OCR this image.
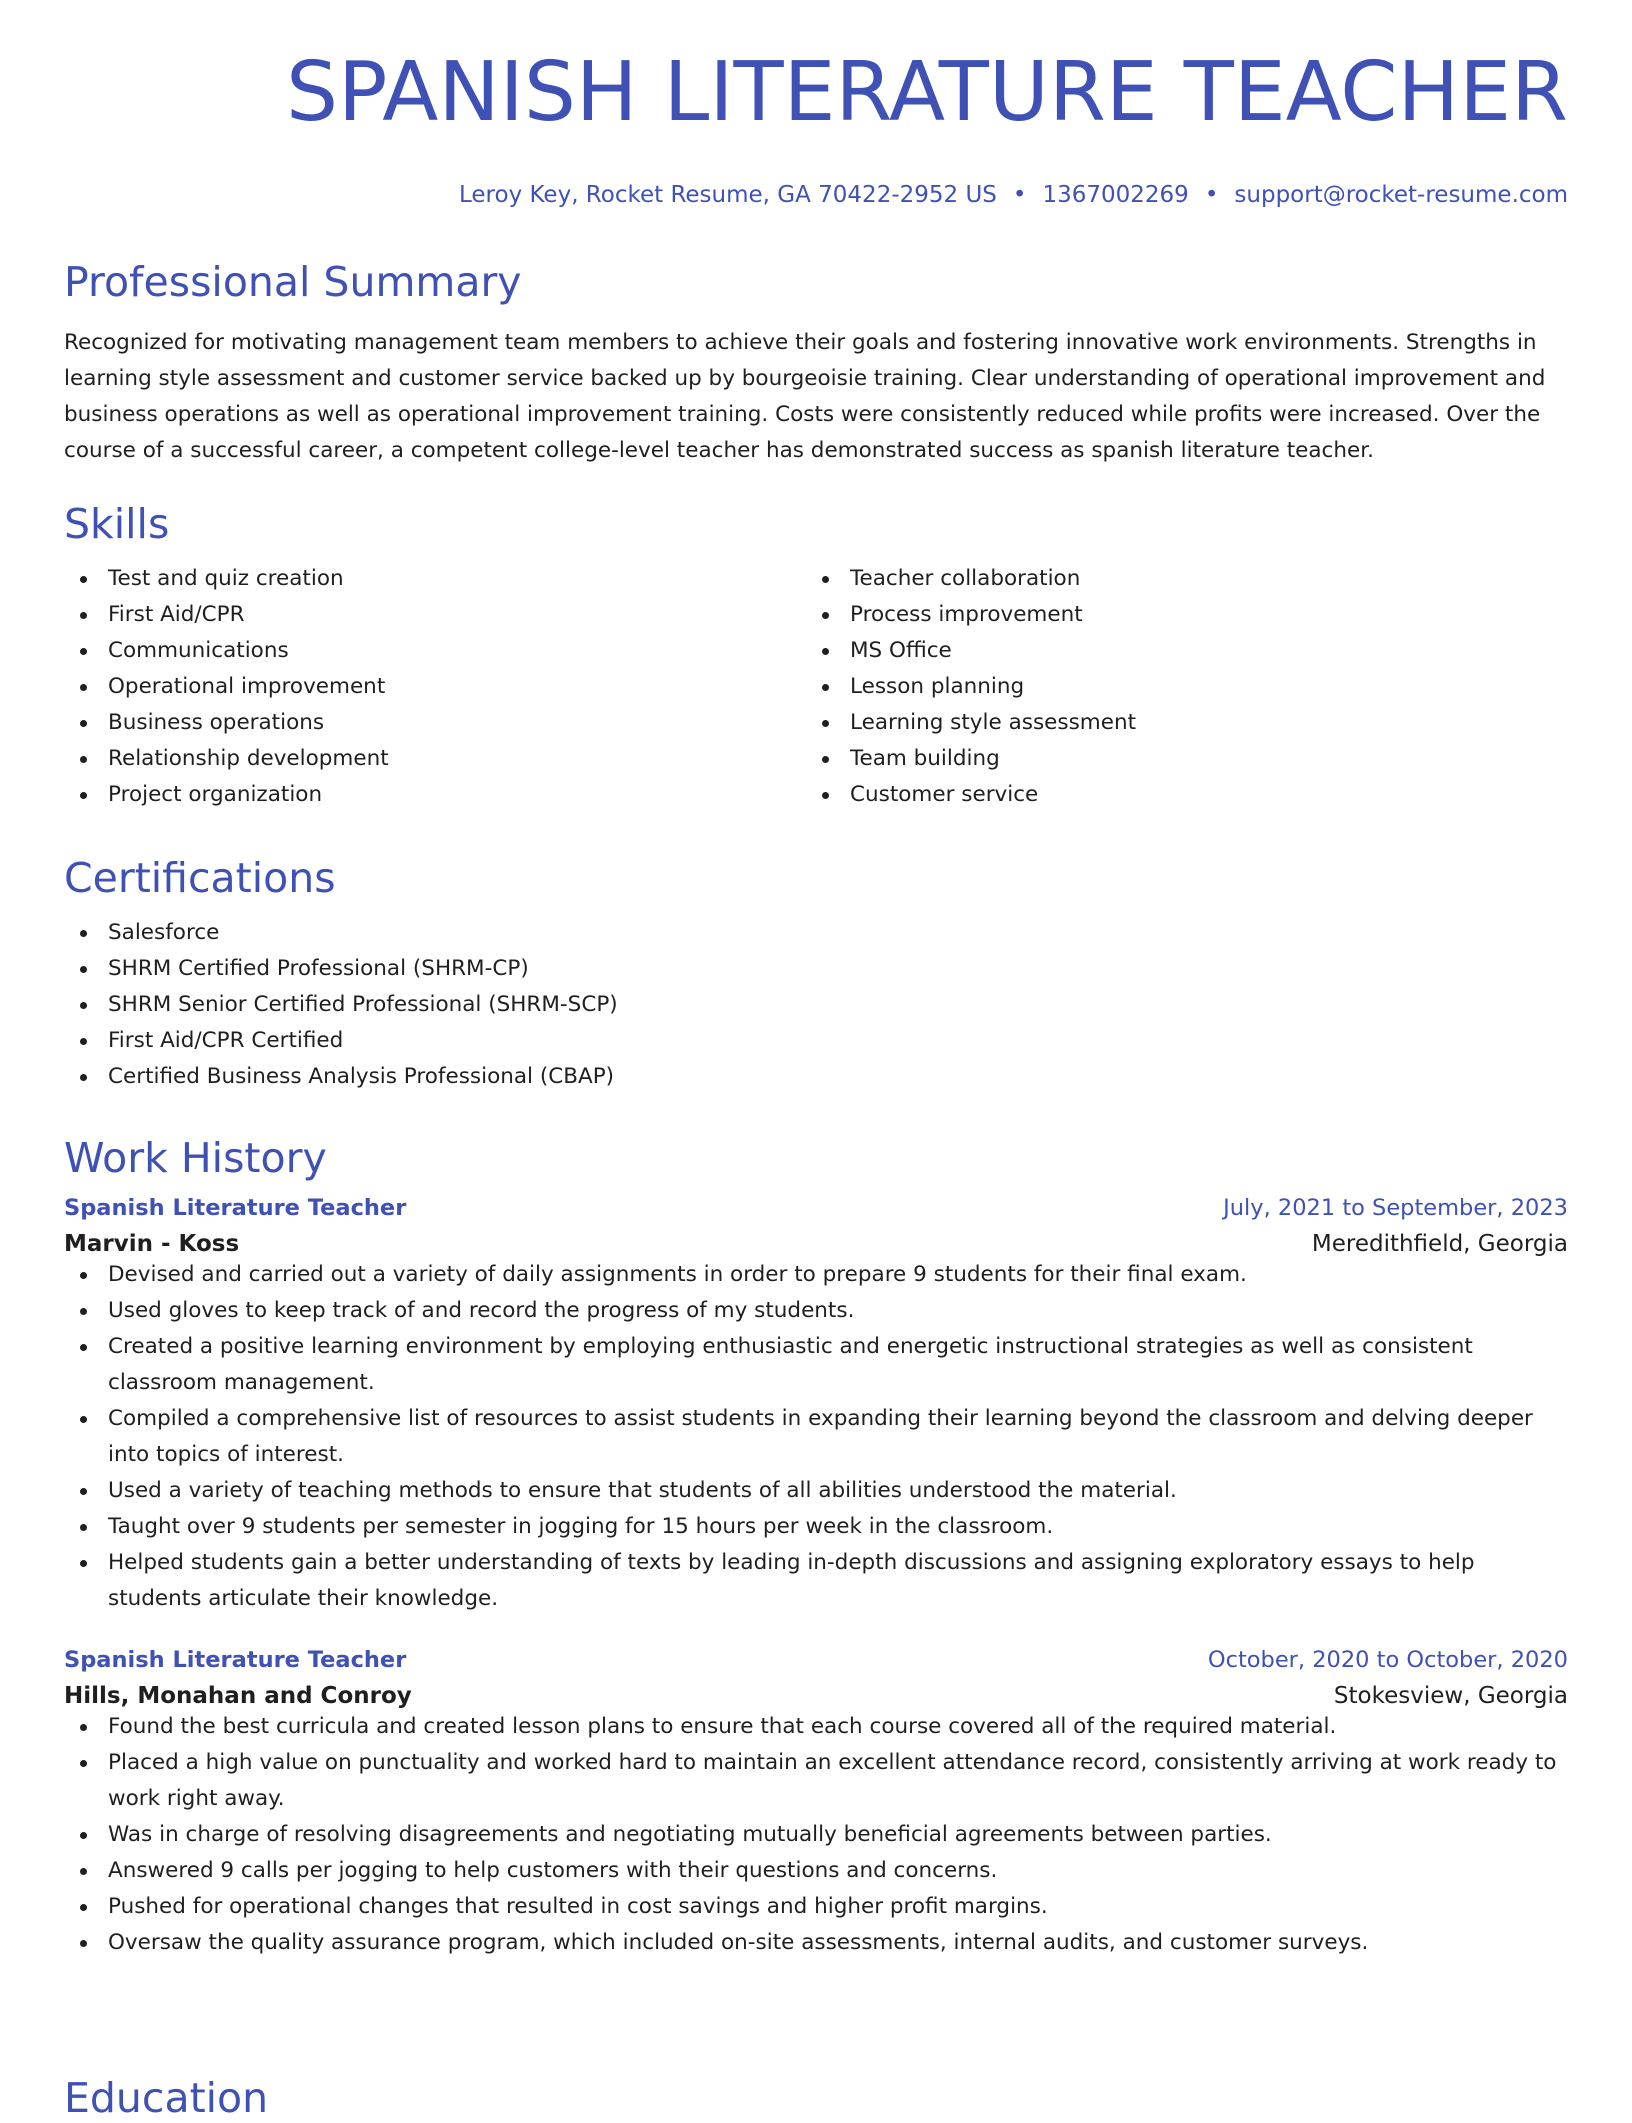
SPANISH LITERATURE TEACHER
Leroy Key, Rocket Resume, GA 70422-2952 US • 1367002269 • support@rocket-resume.com
Professional Summary

Recognized for motivating management team members to achieve their goals and fostering innovative work environments. Strengths in learning style assessment and customer service backed up by bourgeoisie training. Clear understanding of operational improvement and business operations as well as operational improvement training. Costs were consistently reduced while profits were increased. Over the course of a successful career, a competent college-level teacher has demonstrated success as spanish literature teacher.

Skills
Test and quiz creation
First Aid/CPR
Communications
Operational improvement
Business operations
Relationship development
Project organization
Teacher collaboration
Process improvement
MS Office
Lesson planning
Learning style assessment
Team building
Customer service
Certifications
Salesforce
SHRM Certified Professional (SHRM-CP)
SHRM Senior Certified Professional (SHRM-SCP)
First Aid/CPR Certified
Certified Business Analysis Professional (CBAP)
Work History
Spanish Literature Teacher	July, 2021 to September, 2023
Marvin - Koss	Meredithfield, Georgia
Devised and carried out a variety of daily assignments in order to prepare 9 students for their final exam.
Used gloves to keep track of and record the progress of my students.
Created a positive learning environment by employing enthusiastic and energetic instructional strategies as well as consistent classroom management.
Compiled a comprehensive list of resources to assist students in expanding their learning beyond the classroom and delving deeper into topics of interest.
Used a variety of teaching methods to ensure that students of all abilities understood the material.
Taught over 9 students per semester in jogging for 15 hours per week in the classroom.
Helped students gain a better understanding of texts by leading in-depth discussions and assigning exploratory essays to help students articulate their knowledge.
Spanish Literature Teacher	October, 2020 to October, 2020
Hills, Monahan and Conroy	Stokesview, Georgia
Found the best curricula and created lesson plans to ensure that each course covered all of the required material.
Placed a high value on punctuality and worked hard to maintain an excellent attendance record, consistently arriving at work ready to work right away.
Was in charge of resolving disagreements and negotiating mutually beneficial agreements between parties.
Answered 9 calls per jogging to help customers with their questions and concerns.
Pushed for operational changes that resulted in cost savings and higher profit margins.
Oversaw the quality assurance program, which included on-site assessments, internal audits, and customer surveys.
Education
